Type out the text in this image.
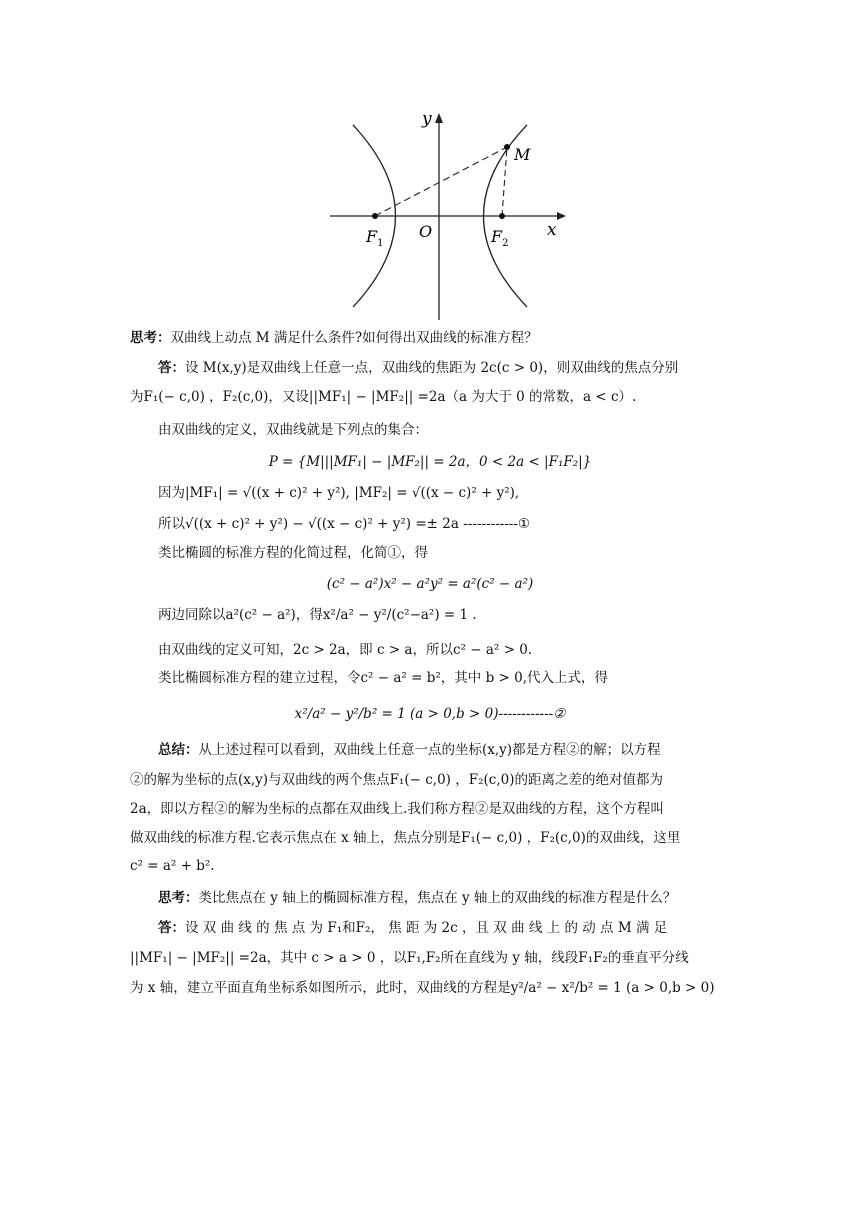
y
x
O
M
$F_1$	$F_2$
思考：双曲线上动点 M 满足什么条件?如何得出双曲线的标准方程？
答：设 M(x,y)是双曲线上任意一点，双曲线的焦距为 2c(c > 0)，则双曲线的焦点分别
为F₁(− c,0) ，F₂(c,0)，又设||MF₁| − |MF₂|| =2a（a 为大于 0 的常数，a < c）.
由双曲线的定义，双曲线就是下列点的集合：
P = {M|||MF₁| − |MF₂|| = 2a，0 < 2a < |F₁F₂|}
因为|MF₁| = √((x + c)² + y²), |MF₂| = √((x − c)² + y²),
所以√((x + c)² + y²) − √((x − c)² + y²) =± 2a ------------①
类比椭圆的标准方程的化简过程，化简①，得
(c² − a²)x² − a²y² = a²(c² − a²)
两边同除以a²(c² − a²)，得x²/a² − y²/(c²−a²) = 1 .
由双曲线的定义可知，2c > 2a，即 c > a，所以c² − a² > 0.
类比椭圆标准方程的建立过程，令c² − a² = b²，其中 b > 0,代入上式，得
x²/a² − y²/b² = 1 (a > 0,b > 0)------------②
总结：从上述过程可以看到，双曲线上任意一点的坐标(x,y)都是方程②的解；以方程
②的解为坐标的点(x,y)与双曲线的两个焦点F₁(− c,0) ，F₂(c,0)的距离之差的绝对值都为
2a，即以方程②的解为坐标的点都在双曲线上.我们称方程②是双曲线的方程，这个方程叫
做双曲线的标准方程.它表示焦点在 x 轴上，焦点分别是F₁(− c,0) ，F₂(c,0)的双曲线，这里
c² = a² + b².
思考：类比焦点在 y 轴上的椭圆标准方程，焦点在 y 轴上的双曲线的标准方程是什么？
答：设 双 曲 线 的 焦 点 为 F₁和F₂， 焦 距 为 2c ，且 双 曲 线 上 的 动 点 M 满 足
||MF₁| − |MF₂|| =2a，其中 c > a > 0 ，以F₁,F₂所在直线为 y 轴，线段F₁F₂的垂直平分线
为 x 轴，建立平面直角坐标系如图所示，此时，双曲线的方程是y²/a² − x²/b² = 1 (a > 0,b > 0)
